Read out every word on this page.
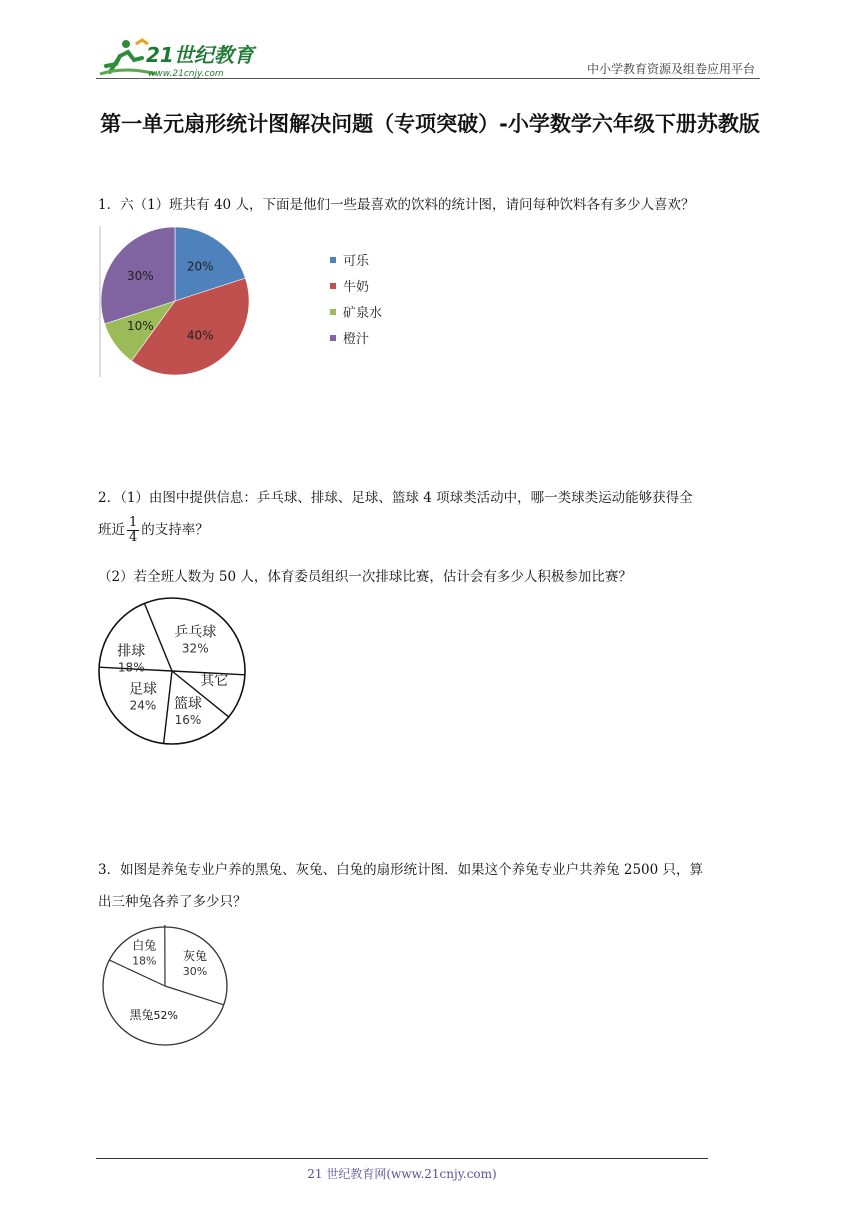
21世纪教育
www.21cnjy.com	中小学教育资源及组卷应用平台
第一单元扇形统计图解决问题（专项突破）-小学数学六年级下册苏教版
1．六（1）班共有 40 人，下面是他们一些最喜欢的饮料的统计图，请问每种饮料各有多少人喜欢？
20%
40%
10%
30%
可乐
牛奶
矿泉水
橙汁
2．（1）由图中提供信息：乒乓球、排球、足球、篮球 4 项球类活动中，哪一类球类运动能够获得全
班近 $\frac{1}{4}$ 的支持率？
（2）若全班人数为 50 人，体育委员组织一次排球比赛，估计会有多少人积极参加比赛？
排球
18%
乒乓球
32%
其它
篮球
16%
足球
24%
3．如图是养兔专业户养的黑兔、灰兔、白兔的扇形统计图．如果这个养兔专业户共养兔 2500 只，算
出三种兔各养了多少只？
白兔
18% 灰兔
30%
黑兔52%
21 世纪教育网(www.21cnjy.com)
